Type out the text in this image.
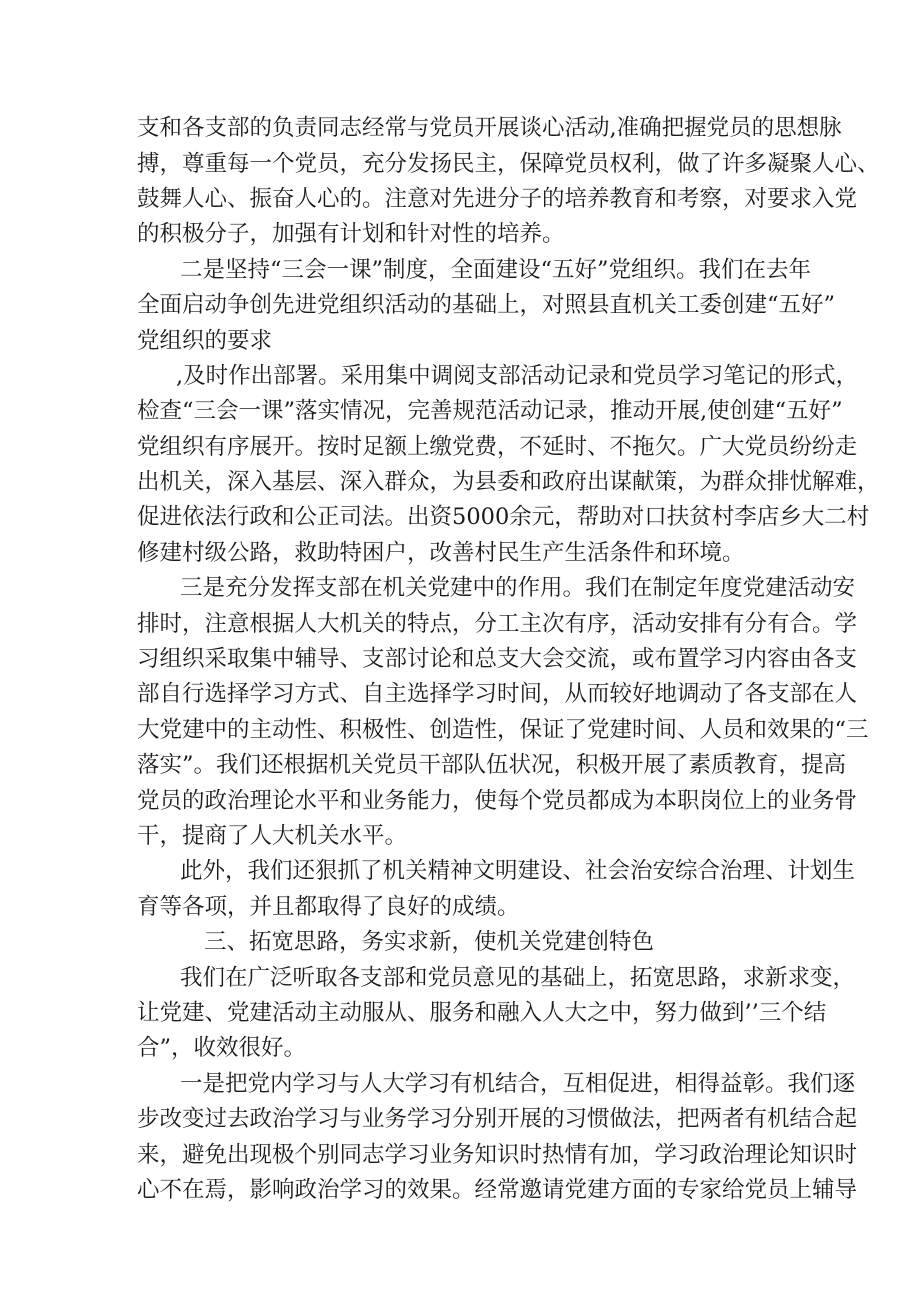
支和各支部的负责同志经常与党员开展谈心活动,准确把握党员的思想脉
搏，尊重每一个党员，充分发扬民主，保障党员权利，做了许多凝聚人心、
鼓舞人心、振奋人心的。注意对先进分子的培养教育和考察，对要求入党
的积极分子，加强有计划和针对性的培养。
二是坚持“三会一课”制度，全面建设“五好”党组织。我们在去年
全面启动争创先进党组织活动的基础上，对照县直机关工委创建“五好”
党组织的要求
,及时作出部署。采用集中调阅支部活动记录和党员学习笔记的形式，
检查“三会一课”落实情况，完善规范活动记录，推动开展,使创建“五好”
党组织有序展开。按时足额上缴党费，不延时、不拖欠。广大党员纷纷走
出机关，深入基层、深入群众，为县委和政府出谋献策，为群众排忧解难，
促进依法行政和公正司法。出资5000余元，帮助对口扶贫村李店乡大二村
修建村级公路，救助特困户，改善村民生产生活条件和环境。
三是充分发挥支部在机关党建中的作用。我们在制定年度党建活动安
排时，注意根据人大机关的特点，分工主次有序，活动安排有分有合。学
习组织采取集中辅导、支部讨论和总支大会交流，或布置学习内容由各支
部自行选择学习方式、自主选择学习时间，从而较好地调动了各支部在人
大党建中的主动性、积极性、创造性，保证了党建时间、人员和效果的“三
落实”。我们还根据机关党员干部队伍状况，积极开展了素质教育，提高
党员的政治理论水平和业务能力，使每个党员都成为本职岗位上的业务骨
干，提商了人大机关水平。
此外，我们还狠抓了机关精神文明建设、社会治安综合治理、计划生
育等各项，并且都取得了良好的成绩。
三、拓宽思路，务实求新，使机关党建创特色
我们在广泛听取各支部和党员意见的基础上，拓宽思路，求新求变，
让党建、党建活动主动服从、服务和融入人大之中，努力做到’’三个结
合”，收效很好。
一是把党内学习与人大学习有机结合，互相促进，相得益彰。我们逐
步改变过去政治学习与业务学习分别开展的习惯做法，把两者有机结合起
来，避免出现极个别同志学习业务知识时热情有加，学习政治理论知识时
心不在焉，影响政治学习的效果。经常邀请党建方面的专家给党员上辅导
